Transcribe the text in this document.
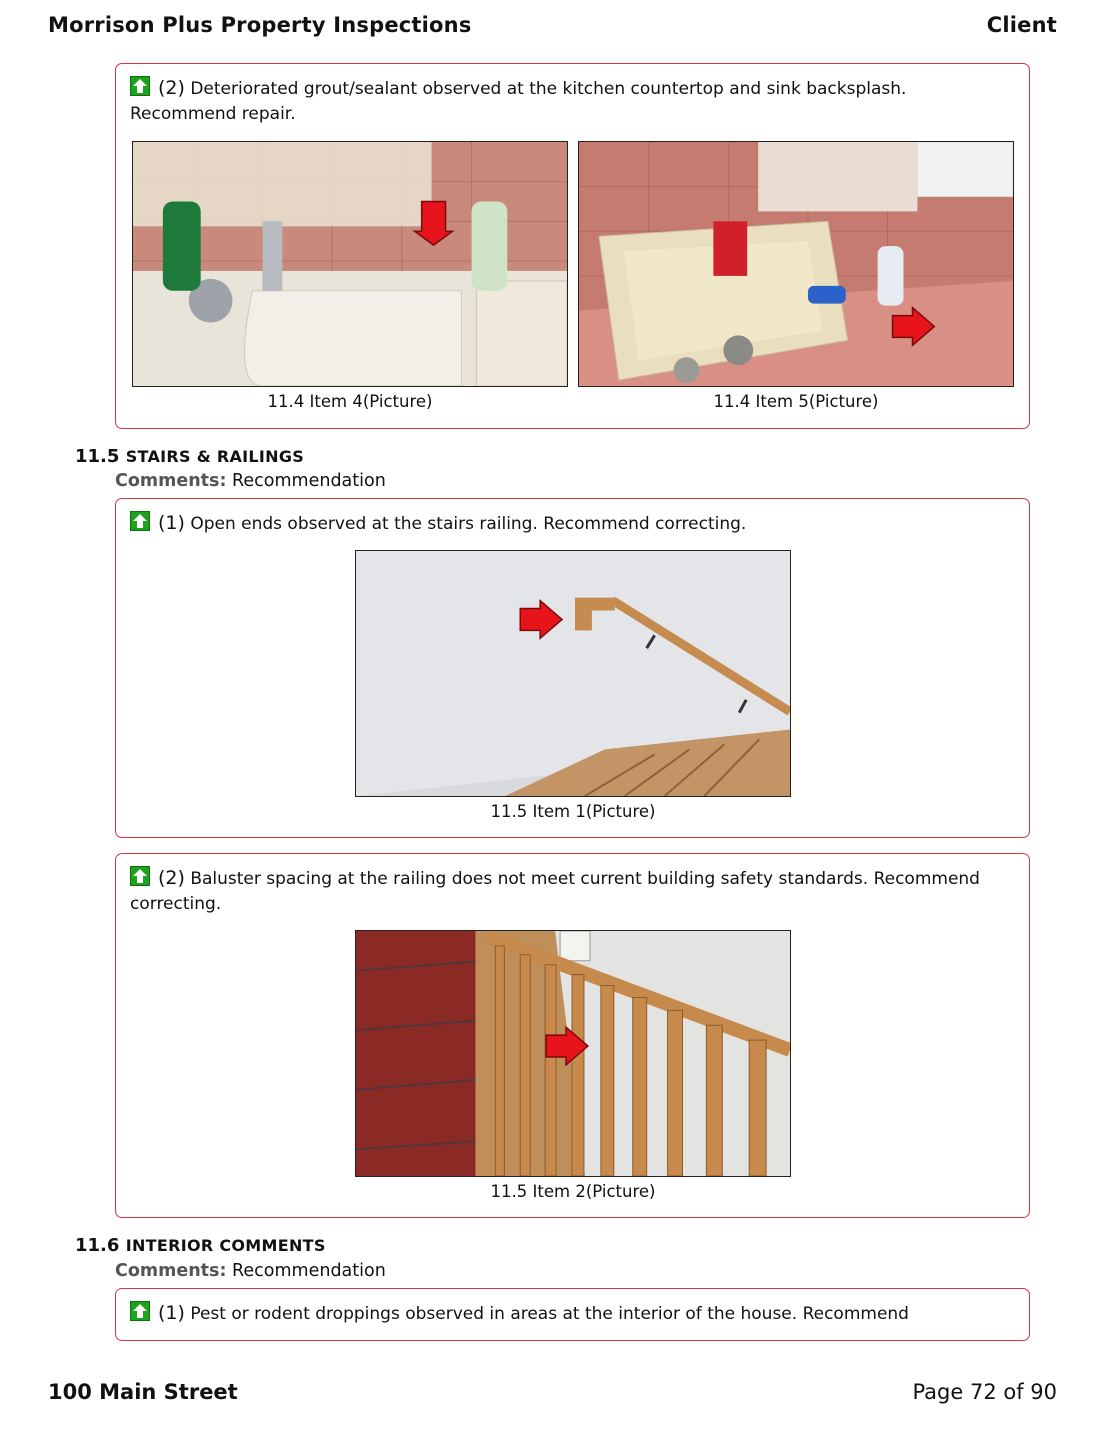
Morrison Plus Property Inspections	Client
(2) Deteriorated grout/sealant observed at the kitchen countertop and sink backsplash. Recommend repair.
11.4 Item 4(Picture)	11.4 Item 5(Picture)
11.5 STAIRS & RAILINGS
Comments: Recommendation
(1) Open ends observed at the stairs railing. Recommend correcting.
11.5 Item 1(Picture)
(2) Baluster spacing at the railing does not meet current building safety standards. Recommend correcting.
11.5 Item 2(Picture)
11.6 INTERIOR COMMENTS
Comments: Recommendation
(1) Pest or rodent droppings observed in areas at the interior of the house. Recommend
100 Main Street	Page 72 of 90
